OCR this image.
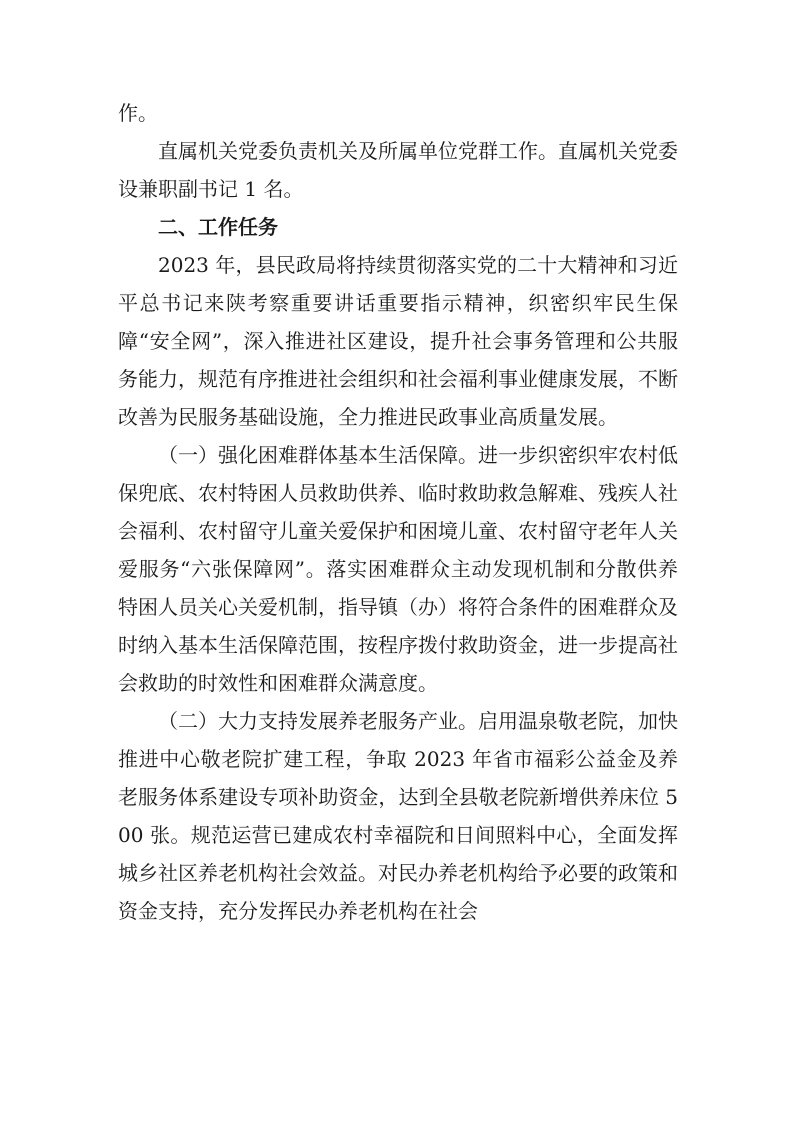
作。

直属机关党委负责机关及所属单位党群工作。直属机关党委设兼职副书记 1 名。

二、工作任务

2023 年，县民政局将持续贯彻落实党的二十大精神和习近平总书记来陕考察重要讲话重要指示精神，织密织牢民生保障“安全网”，深入推进社区建设，提升社会事务管理和公共服务能力，规范有序推进社会组织和社会福利事业健康发展，不断改善为民服务基础设施，全力推进民政事业高质量发展。

（一）强化困难群体基本生活保障。进一步织密织牢农村低保兜底、农村特困人员救助供养、临时救助救急解难、残疾人社会福利、农村留守儿童关爱保护和困境儿童、农村留守老年人关爱服务“六张保障网”。落实困难群众主动发现机制和分散供养特困人员关心关爱机制，指导镇（办）将符合条件的困难群众及时纳入基本生活保障范围，按程序拨付救助资金，进一步提高社会救助的时效性和困难群众满意度。

（二）大力支持发展养老服务产业。启用温泉敬老院，加快推进中心敬老院扩建工程，争取 2023 年省市福彩公益金及养老服务体系建设专项补助资金，达到全县敬老院新增供养床位 500 张。规范运营已建成农村幸福院和日间照料中心，全面发挥城乡社区养老机构社会效益。对民办养老机构给予必要的政策和资金支持，充分发挥民办养老机构在社会
